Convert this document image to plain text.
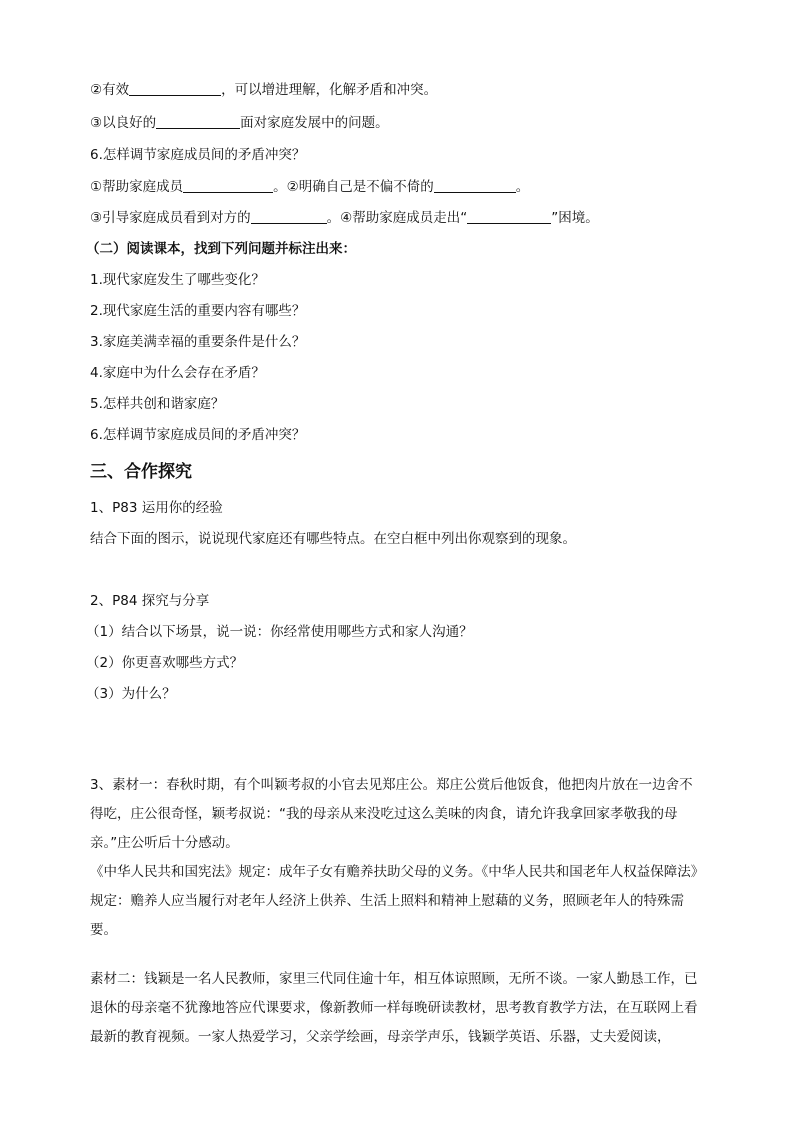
②有效	，可以增进理解，化解矛盾和冲突。
③以良好的	面对家庭发展中的问题。
6.怎样调节家庭成员间的矛盾冲突？
①帮助家庭成员	。②明确自己是不偏不倚的	。
③引导家庭成员看到对方的	。④帮助家庭成员走出“	”困境。
（二）阅读课本，找到下列问题并标注出来：
1.现代家庭发生了哪些变化？
2.现代家庭生活的重要内容有哪些？
3.家庭美满幸福的重要条件是什么？
4.家庭中为什么会存在矛盾？
5.怎样共创和谐家庭？
6.怎样调节家庭成员间的矛盾冲突？
三、合作探究
1、P83 运用你的经验
结合下面的图示，说说现代家庭还有哪些特点。在空白框中列出你观察到的现象。
2、P84 探究与分享
（1）结合以下场景，说一说：你经常使用哪些方式和家人沟通？
（2）你更喜欢哪些方式？
（3）为什么？
3、素材一：春秋时期，有个叫颖考叔的小官去见郑庄公。郑庄公赏后他饭食，他把肉片放在一边舍不得吃，庄公很奇怪，颖考叔说：“我的母亲从来没吃过这么美味的肉食，请允许我拿回家孝敬我的母亲。”庄公听后十分感动。
《中华人民共和国宪法》规定：成年子女有赡养扶助父母的义务。《中华人民共和国老年人权益保障法》规定：赡养人应当履行对老年人经济上供养、生活上照料和精神上慰藉的义务，照顾老年人的特殊需要。
素材二：钱颖是一名人民教师，家里三代同住逾十年，相互体谅照顾，无所不谈。一家人勤恳工作，已退休的母亲毫不犹豫地答应代课要求，像新教师一样每晚研读教材，思考教育教学方法，在互联网上看最新的教育视频。一家人热爱学习，父亲学绘画，母亲学声乐，钱颖学英语、乐器，丈夫爱阅读，
